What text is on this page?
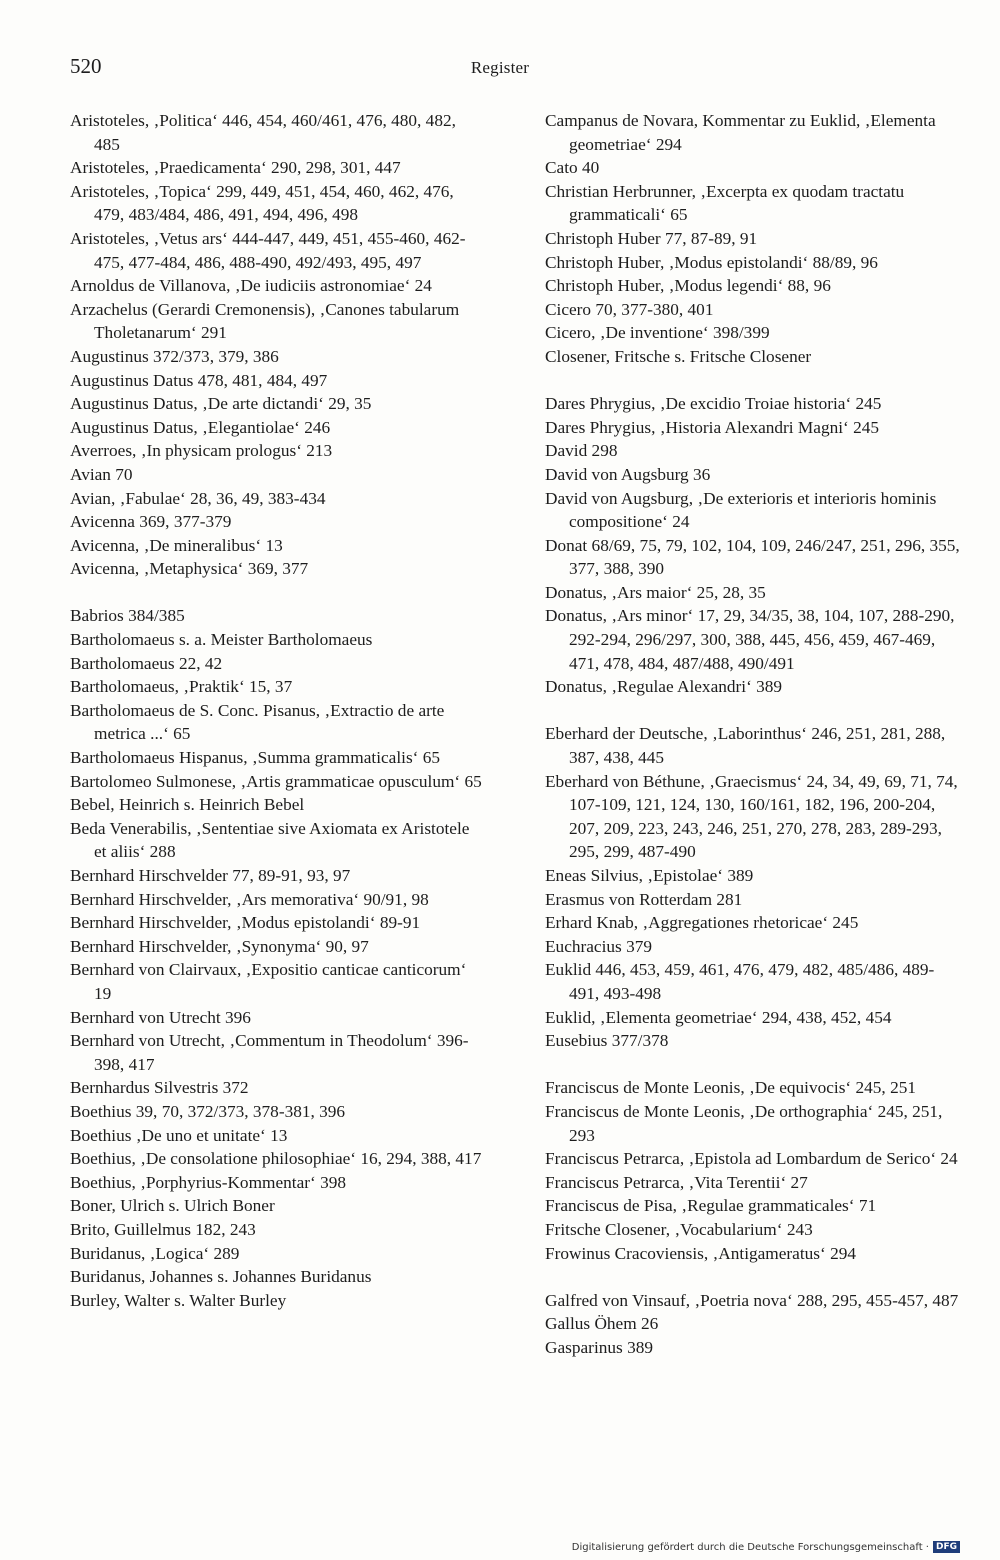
520	Register
Aristoteles, ‚Politica‘ 446, 454, 460/461, 476, 480, 482, 485
Aristoteles, ‚Praedicamenta‘ 290, 298, 301, 447
Aristoteles, ‚Topica‘ 299, 449, 451, 454, 460, 462, 476, 479, 483/484, 486, 491, 494, 496, 498
Aristoteles, ‚Vetus ars‘ 444-447, 449, 451, 455-460, 462-475, 477-484, 486, 488-490, 492/493, 495, 497
Arnoldus de Villanova, ‚De iudiciis astronomiae‘ 24
Arzachelus (Gerardi Cremonensis), ‚Canones tabularum Tholetanarum‘ 291
Augustinus 372/373, 379, 386
Augustinus Datus 478, 481, 484, 497
Augustinus Datus, ‚De arte dictandi‘ 29, 35
Augustinus Datus, ‚Elegantiolae‘ 246
Averroes, ‚In physicam prologus‘ 213
Avian 70
Avian, ‚Fabulae‘ 28, 36, 49, 383-434
Avicenna 369, 377-379
Avicenna, ‚De mineralibus‘ 13
Avicenna, ‚Metaphysica‘ 369, 377
Babrios 384/385
Bartholomaeus s. a. Meister Bartholomaeus
Bartholomaeus 22, 42
Bartholomaeus, ‚Praktik‘ 15, 37
Bartholomaeus de S. Conc. Pisanus, ‚Extractio de arte metrica ...‘ 65
Bartholomaeus Hispanus, ‚Summa grammaticalis‘ 65
Bartolomeo Sulmonese, ‚Artis grammaticae opusculum‘ 65
Bebel, Heinrich s. Heinrich Bebel
Beda Venerabilis, ‚Sententiae sive Axiomata ex Aristotele et aliis‘ 288
Bernhard Hirschvelder 77, 89-91, 93, 97
Bernhard Hirschvelder, ‚Ars memorativa‘ 90/91, 98
Bernhard Hirschvelder, ‚Modus epistolandi‘ 89-91
Bernhard Hirschvelder, ‚Synonyma‘ 90, 97
Bernhard von Clairvaux, ‚Expositio canticae canticorum‘ 19
Bernhard von Utrecht 396
Bernhard von Utrecht, ‚Commentum in Theodolum‘ 396-398, 417
Bernhardus Silvestris 372
Boethius 39, 70, 372/373, 378-381, 396
Boethius ‚De uno et unitate‘ 13
Boethius, ‚De consolatione philosophiae‘ 16, 294, 388, 417
Boethius, ‚Porphyrius-Kommentar‘ 398
Boner, Ulrich s. Ulrich Boner
Brito, Guillelmus 182, 243
Buridanus, ‚Logica‘ 289
Buridanus, Johannes s. Johannes Buridanus
Burley, Walter s. Walter Burley
Campanus de Novara, Kommentar zu Euklid, ‚Elementa geometriae‘ 294
Cato 40
Christian Herbrunner, ‚Excerpta ex quodam tractatu grammaticali‘ 65
Christoph Huber 77, 87-89, 91
Christoph Huber, ‚Modus epistolandi‘ 88/89, 96
Christoph Huber, ‚Modus legendi‘ 88, 96
Cicero 70, 377-380, 401
Cicero, ‚De inventione‘ 398/399
Closener, Fritsche s. Fritsche Closener
Dares Phrygius, ‚De excidio Troiae historia‘ 245
Dares Phrygius, ‚Historia Alexandri Magni‘ 245
David 298
David von Augsburg 36
David von Augsburg, ‚De exterioris et interioris hominis compositione‘ 24
Donat 68/69, 75, 79, 102, 104, 109, 246/247, 251, 296, 355, 377, 388, 390
Donatus, ‚Ars maior‘ 25, 28, 35
Donatus, ‚Ars minor‘ 17, 29, 34/35, 38, 104, 107, 288-290, 292-294, 296/297, 300, 388, 445, 456, 459, 467-469, 471, 478, 484, 487/488, 490/491
Donatus, ‚Regulae Alexandri‘ 389
Eberhard der Deutsche, ‚Laborinthus‘ 246, 251, 281, 288, 387, 438, 445
Eberhard von Béthune, ‚Graecismus‘ 24, 34, 49, 69, 71, 74, 107-109, 121, 124, 130, 160/161, 182, 196, 200-204, 207, 209, 223, 243, 246, 251, 270, 278, 283, 289-293, 295, 299, 487-490
Eneas Silvius, ‚Epistolae‘ 389
Erasmus von Rotterdam 281
Erhard Knab, ‚Aggregationes rhetoricae‘ 245
Euchracius 379
Euklid 446, 453, 459, 461, 476, 479, 482, 485/486, 489-491, 493-498
Euklid, ‚Elementa geometriae‘ 294, 438, 452, 454
Eusebius 377/378
Franciscus de Monte Leonis, ‚De equivocis‘ 245, 251
Franciscus de Monte Leonis, ‚De orthographia‘ 245, 251, 293
Franciscus Petrarca, ‚Epistola ad Lombardum de Serico‘ 24
Franciscus Petrarca, ‚Vita Terentii‘ 27
Franciscus de Pisa, ‚Regulae grammaticales‘ 71
Fritsche Closener, ‚Vocabularium‘ 243
Frowinus Cracoviensis, ‚Antigameratus‘ 294
Galfred von Vinsauf, ‚Poetria nova‘ 288, 295, 455-457, 487
Gallus Öhem 26
Gasparinus 389
Digitalisierung gefördert durch die Deutsche Forschungsgemeinschaft · DFG
